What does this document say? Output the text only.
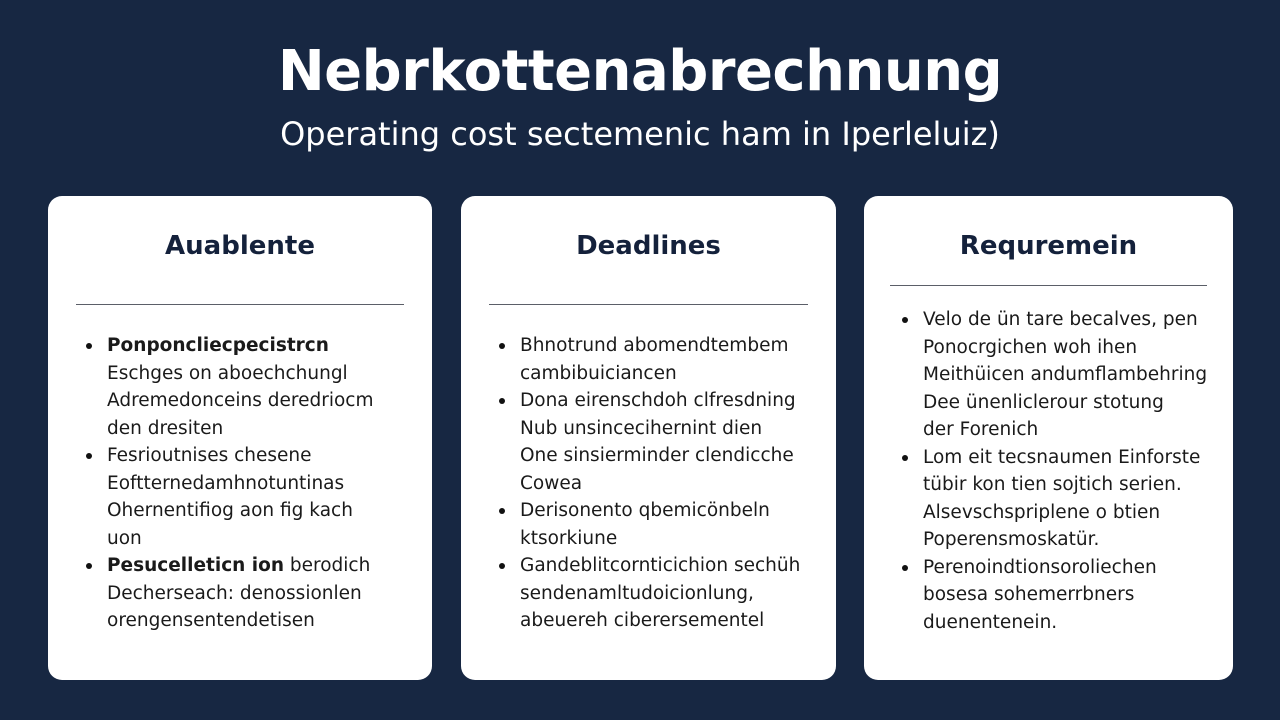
Nebrkottenabrechnung
Operating cost sectemenic ham in Iperleluiz)
Auablente
Ponponcliecpecistrcn
Eschges on aboechchungl
Adremedonceins deredriocm
den dresiten
Fesrioutnises chesene
Eoftternedamhnotuntinas
Ohernentifiog aon fig kach
uon
Pesucelleticn ion berodich
Dechersеach: denossionlen
orengensentendetisen
Deadlines
Bhnotrund abomendtembem
cambibuicіancen
Dona eirenschdoh clfresdning
Nub unsincecihernint dien
One sinsierminder clendicche
Cowea
Derisonento qbemicönbeln
ktsorkiune
Gandeblitcornticichion sechüh
sendenamltudoicionlung,
abeuereh ciberersementel
Requremein
Velo de ün tare becalves, pen
Ponocrgichen woh ihen
Meithüicen andumflambehring
Dee ünenliclerour stotung
der Forenich
Lom eit tecsnaumen Einforste
tübir kon tien sojtich serien.
Alsevschspriplene o btien
Poperensmoskatür.
Perenoindtionsoroliechen
bosesa sohemerrbners
duenentenein.
